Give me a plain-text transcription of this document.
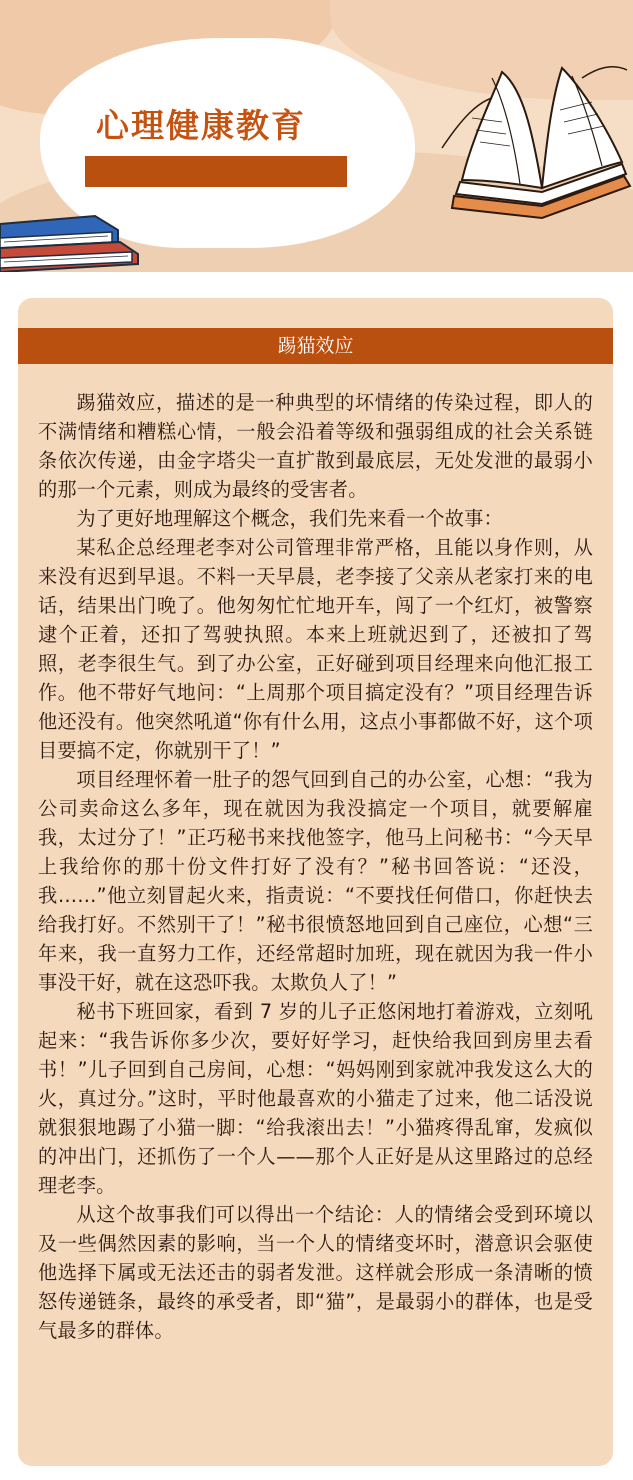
心理健康教育
踢猫效应

踢猫效应，描述的是一种典型的坏情绪的传染过程，即人的不满情绪和糟糕心情，一般会沿着等级和强弱组成的社会关系链条依次传递，由金字塔尖一直扩散到最底层，无处发泄的最弱小的那一个元素，则成为最终的受害者。

为了更好地理解这个概念，我们先来看一个故事：

某私企总经理老李对公司管理非常严格，且能以身作则，从来没有迟到早退。不料一天早晨，老李接了父亲从老家打来的电话，结果出门晚了。他匆匆忙忙地开车，闯了一个红灯，被警察逮个正着，还扣了驾驶执照。本来上班就迟到了，还被扣了驾照，老李很生气。到了办公室，正好碰到项目经理来向他汇报工作。他不带好气地问：“上周那个项目搞定没有？”项目经理告诉他还没有。他突然吼道“你有什么用，这点小事都做不好，这个项目要搞不定，你就别干了！”

项目经理怀着一肚子的怨气回到自己的办公室，心想：“我为公司卖命这么多年，现在就因为我没搞定一个项目，就要解雇我，太过分了！”正巧秘书来找他签字，他马上问秘书：“今天早上我给你的那十份文件打好了没有？”秘书回答说：“还没，我……”他立刻冒起火来，指责说：“不要找任何借口，你赶快去给我打好。不然别干了！”秘书很愤怒地回到自己座位，心想“三年来，我一直努力工作，还经常超时加班，现在就因为我一件小事没干好，就在这恐吓我。太欺负人了！”

秘书下班回家，看到 7 岁的儿子正悠闲地打着游戏，立刻吼起来：“我告诉你多少次，要好好学习，赶快给我回到房里去看书！”儿子回到自己房间，心想：“妈妈刚到家就冲我发这么大的火，真过分。”这时，平时他最喜欢的小猫走了过来，他二话没说就狠狠地踢了小猫一脚：“给我滚出去！”小猫疼得乱窜，发疯似的冲出门，还抓伤了一个人——那个人正好是从这里路过的总经理老李。

从这个故事我们可以得出一个结论：人的情绪会受到环境以及一些偶然因素的影响，当一个人的情绪变坏时，潜意识会驱使他选择下属或无法还击的弱者发泄。这样就会形成一条清晰的愤怒传递链条，最终的承受者，即“猫”，是最弱小的群体，也是受气最多的群体。
